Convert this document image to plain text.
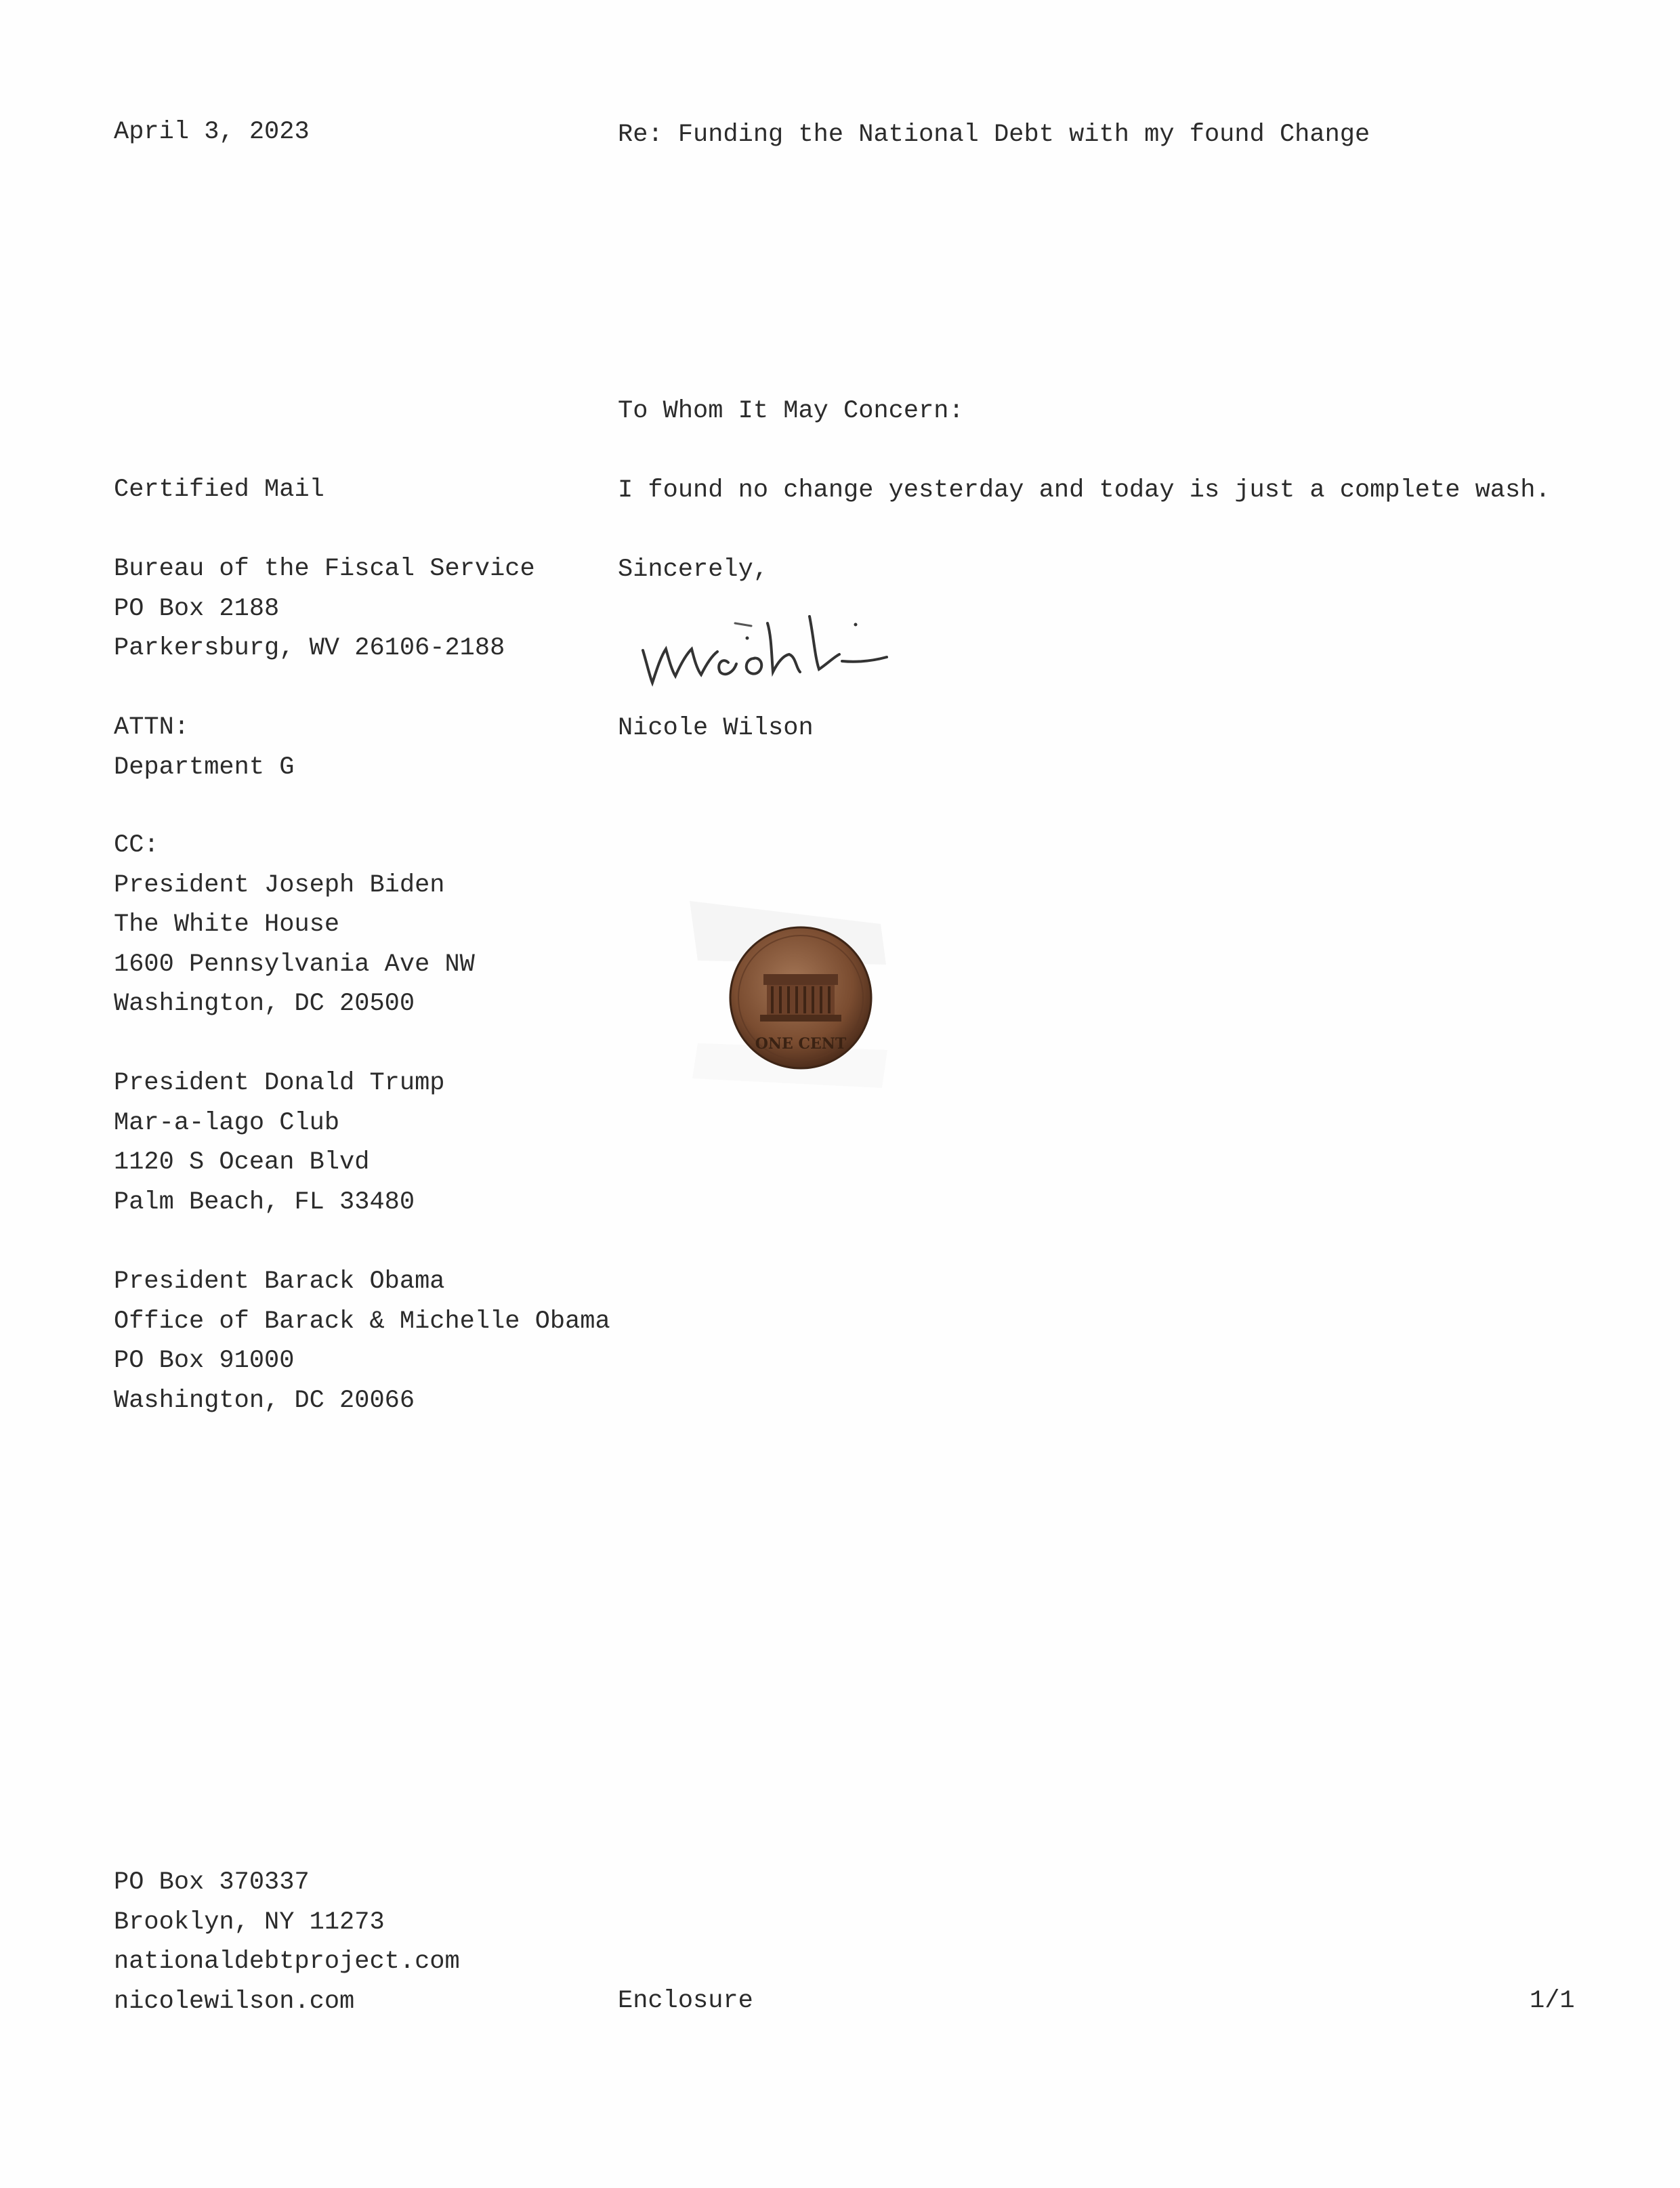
April 3, 2023	Re: Funding the National Debt with my found Change
To Whom It May Concern:
I found no change yesterday and today is just a complete wash.
Sincerely,
Nicole Wilson
ONE CENT
Certified Mail
Bureau of the Fiscal Service
PO Box 2188
Parkersburg, WV 26106-2188
ATTN:
Department G
CC:
President Joseph Biden
The White House
1600 Pennsylvania Ave NW
Washington, DC 20500
President Donald Trump
Mar-a-lago Club
1120 S Ocean Blvd
Palm Beach, FL 33480
President Barack Obama
Office of Barack & Michelle Obama
PO Box 91000
Washington, DC 20066
PO Box 370337
Brooklyn, NY 11273
nationaldebtproject.com
nicolewilson.com	Enclosure	1/1
